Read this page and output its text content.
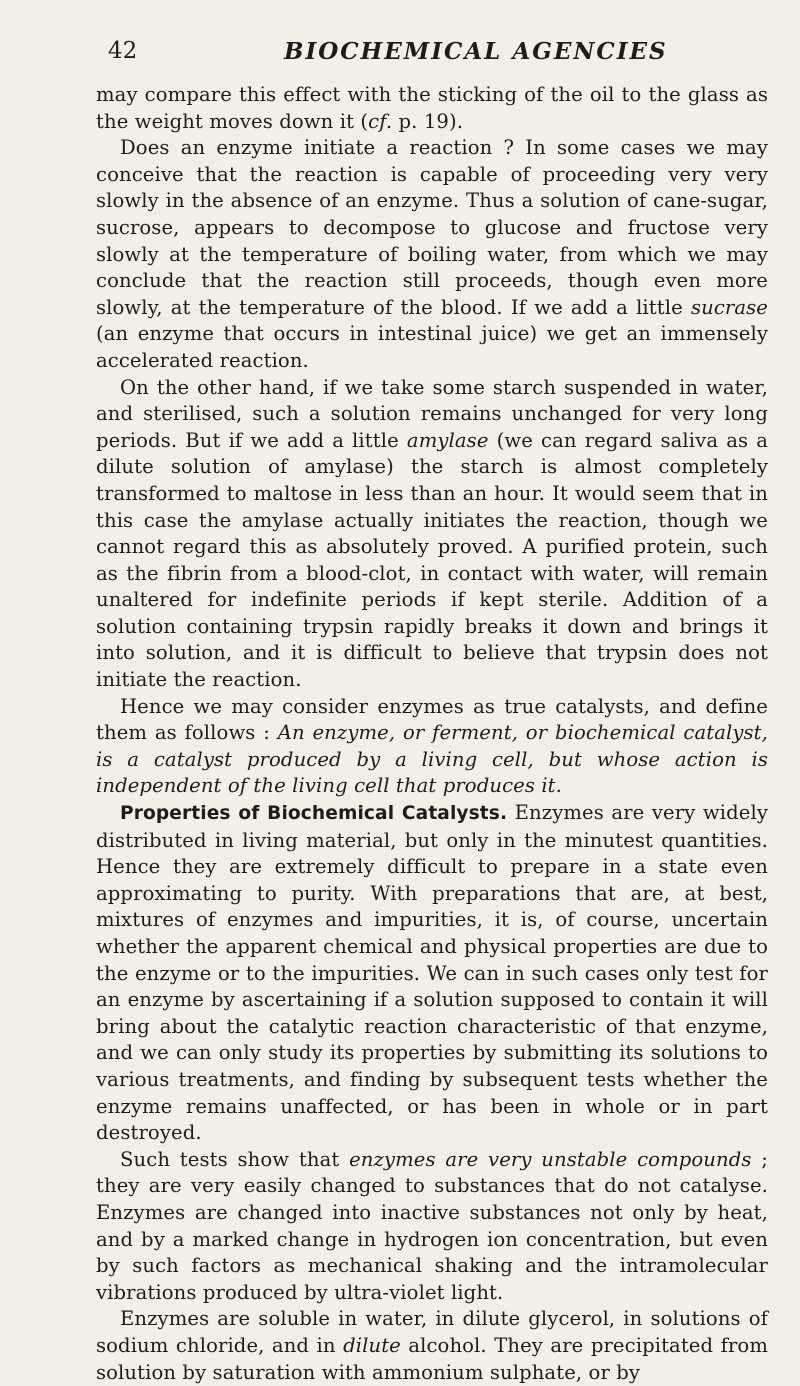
42	BIOCHEMICAL AGENCIES

may compare this effect with the sticking of the oil to the glass as the weight moves down it (cf. p. 19).

Does an enzyme initiate a reaction ? In some cases we may conceive that the reaction is capable of proceeding very very slowly in the absence of an enzyme. Thus a solution of cane-sugar, sucrose, appears to decompose to glucose and fructose very slowly at the temperature of boiling water, from which we may conclude that the reaction still proceeds, though even more slowly, at the temperature of the blood. If we add a little sucrase (an enzyme that occurs in intestinal juice) we get an immensely accelerated reaction.

On the other hand, if we take some starch suspended in water, and sterilised, such a solution remains unchanged for very long periods. But if we add a little amylase (we can regard saliva as a dilute solution of amylase) the starch is almost completely transformed to maltose in less than an hour. It would seem that in this case the amylase actually initiates the reaction, though we cannot regard this as absolutely proved. A purified protein, such as the fibrin from a blood-clot, in contact with water, will remain unaltered for indefinite periods if kept sterile. Addition of a solution containing trypsin rapidly breaks it down and brings it into solution, and it is difficult to believe that trypsin does not initiate the reaction.

Hence we may consider enzymes as true catalysts, and define them as follows : An enzyme, or ferment, or biochemical catalyst, is a catalyst produced by a living cell, but whose action is independent of the living cell that produces it.

Properties of Biochemical Catalysts. Enzymes are very widely distributed in living material, but only in the minutest quantities. Hence they are extremely difficult to prepare in a state even approximating to purity. With preparations that are, at best, mixtures of enzymes and impurities, it is, of course, uncertain whether the apparent chemical and physical properties are due to the enzyme or to the impurities. We can in such cases only test for an enzyme by ascertaining if a solution supposed to contain it will bring about the catalytic reaction characteristic of that enzyme, and we can only study its properties by submitting its solutions to various treatments, and finding by subsequent tests whether the enzyme remains unaffected, or has been in whole or in part destroyed.

Such tests show that enzymes are very unstable compounds ; they are very easily changed to substances that do not catalyse. Enzymes are changed into inactive substances not only by heat, and by a marked change in hydrogen ion concentration, but even by such factors as mechanical shaking and the intramolecular vibrations produced by ultra-violet light.

Enzymes are soluble in water, in dilute glycerol, in solutions of sodium chloride, and in dilute alcohol. They are precipitated from solution by saturation with ammonium sulphate, or by
